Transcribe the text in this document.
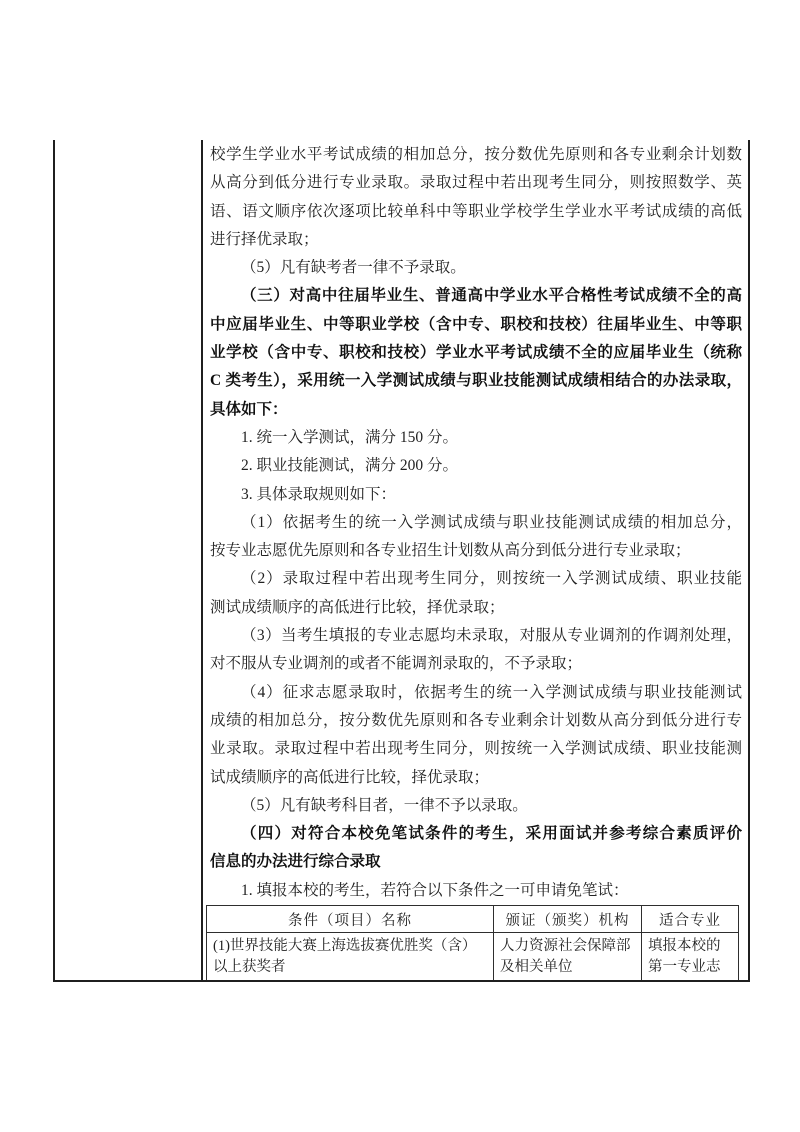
校学生学业水平考试成绩的相加总分，按分数优先原则和各专业剩余计划数
从高分到低分进行专业录取。录取过程中若出现考生同分，则按照数学、英
语、语文顺序依次逐项比较单科中等职业学校学生学业水平考试成绩的高低
进行择优录取；
（5）凡有缺考者一律不予录取。
（三）对高中往届毕业生、普通高中学业水平合格性考试成绩不全的高
中应届毕业生、中等职业学校（含中专、职校和技校）往届毕业生、中等职
业学校（含中专、职校和技校）学业水平考试成绩不全的应届毕业生（统称
C 类考生），采用统一入学测试成绩与职业技能测试成绩相结合的办法录取，
具体如下：
1. 统一入学测试，满分 150 分。
2. 职业技能测试，满分 200 分。
3. 具体录取规则如下：
（1）依据考生的统一入学测试成绩与职业技能测试成绩的相加总分，
按专业志愿优先原则和各专业招生计划数从高分到低分进行专业录取；
（2）录取过程中若出现考生同分，则按统一入学测试成绩、职业技能
测试成绩顺序的高低进行比较，择优录取；
（3）当考生填报的专业志愿均未录取，对服从专业调剂的作调剂处理，
对不服从专业调剂的或者不能调剂录取的，不予录取；
（4）征求志愿录取时，依据考生的统一入学测试成绩与职业技能测试
成绩的相加总分，按分数优先原则和各专业剩余计划数从高分到低分进行专
业录取。录取过程中若出现考生同分，则按统一入学测试成绩、职业技能测
试成绩顺序的高低进行比较，择优录取；
（5）凡有缺考科目者，一律不予以录取。
（四）对符合本校免笔试条件的考生，采用面试并参考综合素质评价
信息的办法进行综合录取
1. 填报本校的考生，若符合以下条件之一可申请免笔试：
条件（项目）名称	颁证（颁奖）机构	适合专业
(1)世界技能大赛上海选拔赛优胜奖（含）以上获奖者	人力资源社会保障部及相关单位	填报本校的第一专业志
